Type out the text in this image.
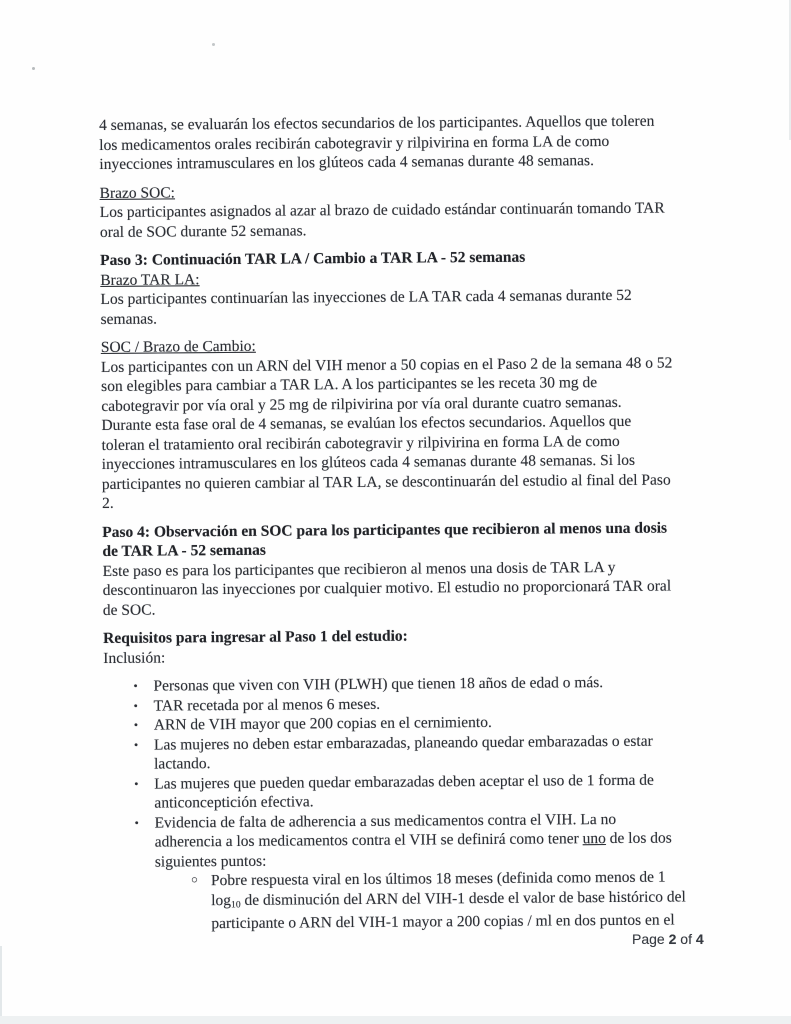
4 semanas, se evaluarán los efectos secundarios de los participantes. Aquellos que toleren
los medicamentos orales recibirán cabotegravir y rilpivirina en forma LA de como
inyecciones intramusculares en los glúteos cada 4 semanas durante 48 semanas.
Brazo SOC:
Los participantes asignados al azar al brazo de cuidado estándar continuarán tomando TAR
oral de SOC durante 52 semanas.
Paso 3: Continuación TAR LA / Cambio a TAR LA - 52 semanas
Brazo TAR LA:
Los participantes continuarían las inyecciones de LA TAR cada 4 semanas durante 52
semanas.
SOC / Brazo de Cambio:
Los participantes con un ARN del VIH menor a 50 copias en el Paso 2 de la semana 48 o 52
son elegibles para cambiar a TAR LA. A los participantes se les receta 30 mg de
cabotegravir por vía oral y 25 mg de rilpivirina por vía oral durante cuatro semanas.
Durante esta fase oral de 4 semanas, se evalúan los efectos secundarios. Aquellos que
toleran el tratamiento oral recibirán cabotegravir y rilpivirina en forma LA de como
inyecciones intramusculares en los glúteos cada 4 semanas durante 48 semanas. Si los
participantes no quieren cambiar al TAR LA, se descontinuarán del estudio al final del Paso
2.
Paso 4: Observación en SOC para los participantes que recibieron al menos una dosis
de TAR LA - 52 semanas
Este paso es para los participantes que recibieron al menos una dosis de TAR LA y
descontinuaron las inyecciones por cualquier motivo. El estudio no proporcionará TAR oral
de SOC.
Requisitos para ingresar al Paso 1 del estudio:
Inclusión:
•	Personas que viven con VIH (PLWH) que tienen 18 años de edad o más.
•	TAR recetada por al menos 6 meses.
•	ARN de VIH mayor que 200 copias en el cernimiento.
•	Las mujeres no deben estar embarazadas, planeando quedar embarazadas o estar
lactando.
•	Las mujeres que pueden quedar embarazadas deben aceptar el uso de 1 forma de
anticonceptición efectiva.
•	Evidencia de falta de adherencia a sus medicamentos contra el VIH. La no
adherencia a los medicamentos contra el VIH se definirá como tener uno de los dos
siguientes puntos:
○ Pobre respuesta viral en los últimos 18 meses (definida como menos de 1
$\log_{10}$ de disminución del ARN del VIH-1 desde el valor de base histórico del
participante o ARN del VIH-1 mayor a 200 copias / ml en dos puntos en el
Page 2 of 4
